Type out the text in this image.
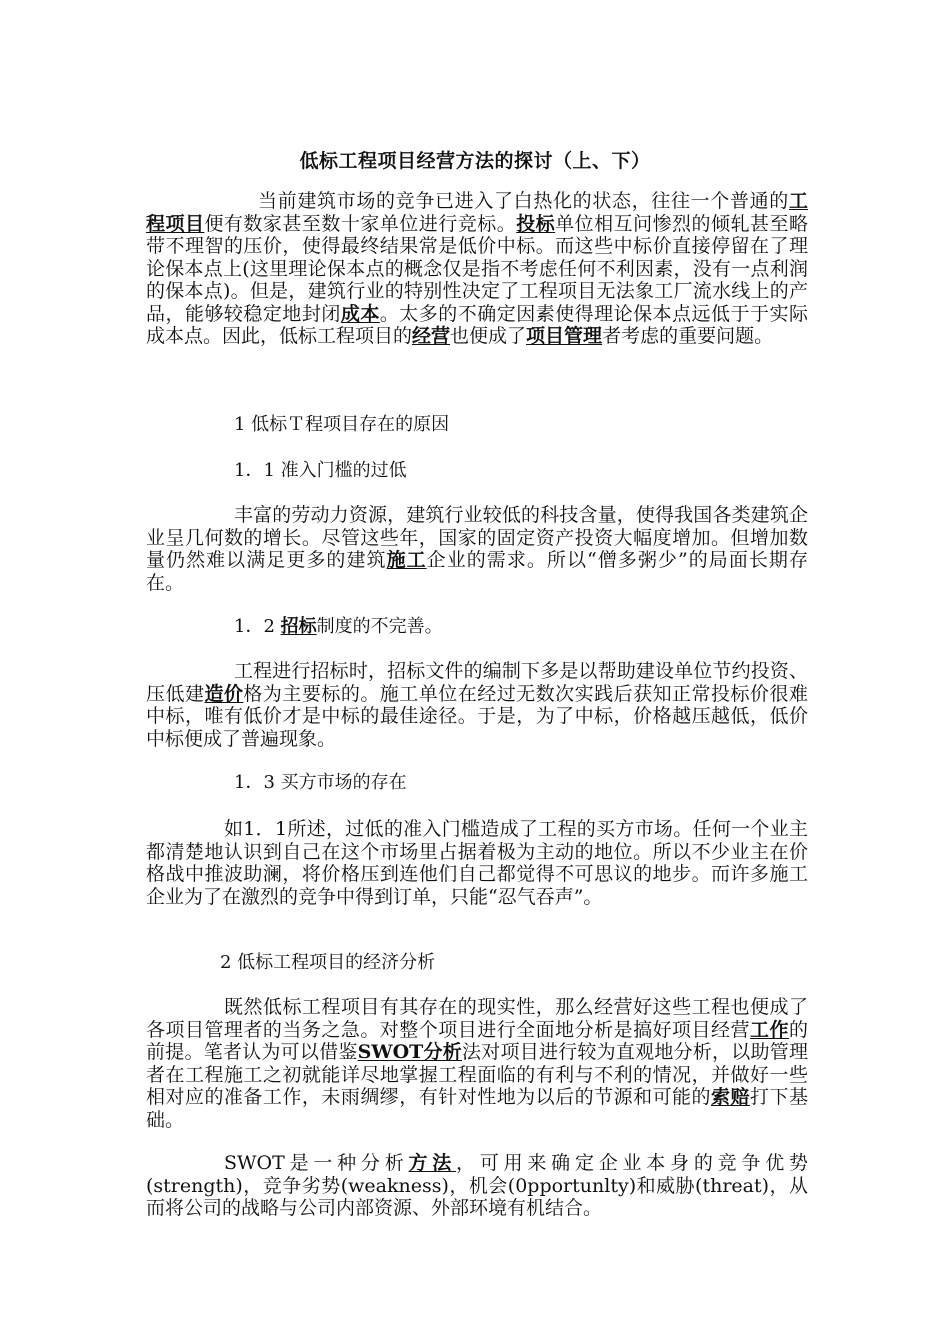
低标工程项目经营方法的探讨（上、下）

当前建筑市场的竞争已进入了白热化的状态，往往一个普通的工程项目便有数家甚至数十家单位进行竞标。投标单位相互问惨烈的倾轧甚至略带不理智的压价，使得最终结果常是低价中标。而这些中标价直接停留在了理论保本点上(这里理论保本点的概念仅是指不考虑任何不利因素，没有一点利润的保本点)。但是，建筑行业的特别性决定了工程项目无法象工厂流水线上的产品，能够较稳定地封闭成本。太多的不确定因素使得理论保本点远低于于实际成本点。因此，低标工程项目的经营也便成了项目管理者考虑的重要问题。

1 低标Ｔ程项目存在的原因

1．1 准入门槛的过低

丰富的劳动力资源，建筑行业较低的科技含量，使得我国各类建筑企业呈几何数的增长。尽管这些年，国家的固定资产投资大幅度增加。但增加数量仍然难以满足更多的建筑施工企业的需求。所以“僧多粥少”的局面长期存在。

1．2 招标制度的不完善。

工程进行招标时，招标文件的编制下多是以帮助建设单位节约投资、压低建造价格为主要标的。施工单位在经过无数次实践后获知正常投标价很难中标，唯有低价才是中标的最佳途径。于是，为了中标，价格越压越低，低价中标便成了普遍现象。

1．3 买方市场的存在

如1．1所述，过低的准入门槛造成了工程的买方市场。任何一个业主都清楚地认识到自己在这个市场里占据着极为主动的地位。所以不少业主在价格战中推波助澜，将价格压到连他们自己都觉得不可思议的地步。而许多施工企业为了在激烈的竞争中得到订单，只能“忍气吞声”。

2 低标工程项目的经济分析

既然低标工程项目有其存在的现实性，那么经营好这些工程也便成了各项目管理者的当务之急。对整个项目进行全面地分析是搞好项目经营工作的前提。笔者认为可以借鉴SWOT分析法对项目进行较为直观地分析，以助管理者在工程施工之初就能详尽地掌握工程面临的有利与不利的情况，并做好一些相对应的准备工作，未雨绸缪，有针对性地为以后的节源和可能的索赔打下基础。

SWOT是一种分析方法，可用来确定企业本身的竞争优势(strength)，竞争劣势(weakness)，机会(0pportunlty)和威胁(threat)，从而将公司的战略与公司内部资源、外部环境有机结合。
